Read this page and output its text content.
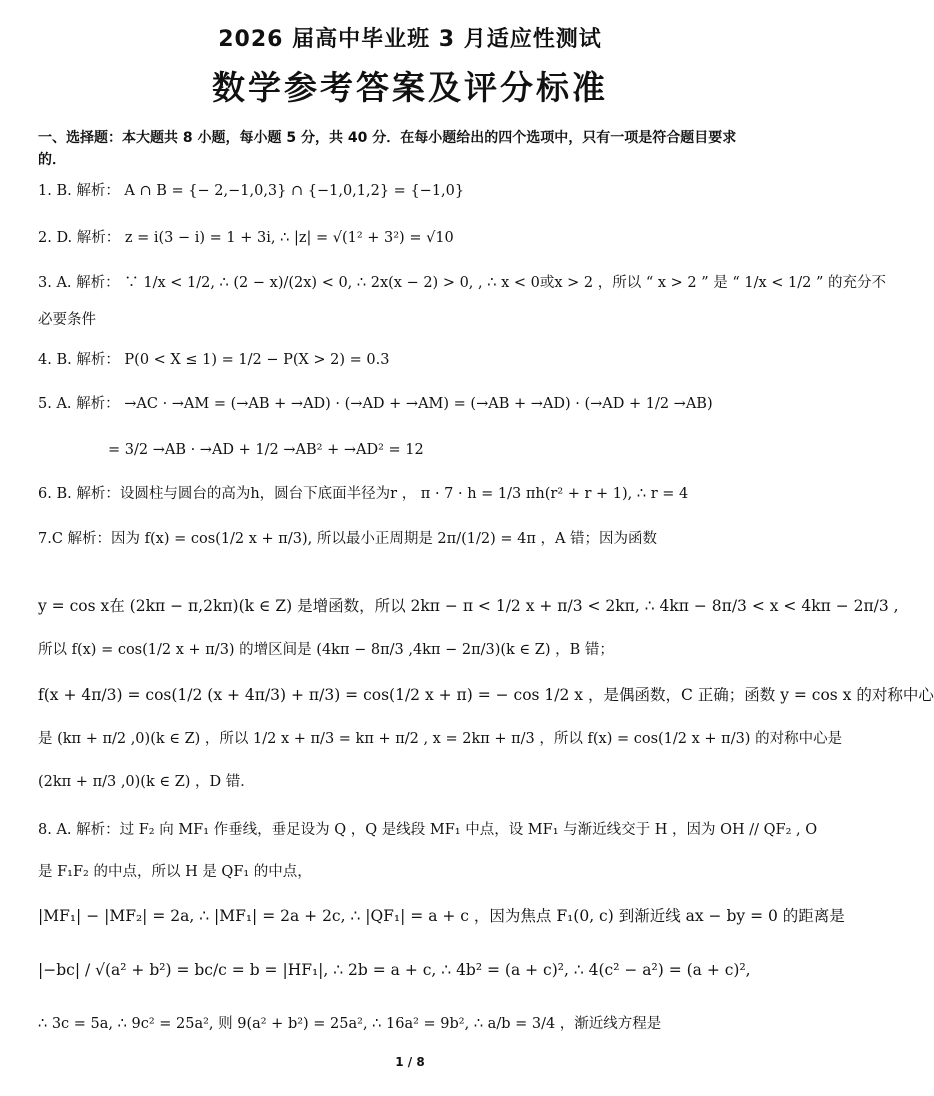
2026 届高中毕业班 3 月适应性测试
数学参考答案及评分标准
一、选择题：本大题共 8 小题，每小题 5 分，共 40 分．在每小题给出的四个选项中，只有一项是符合题目要求
的．
1. B. 解析： A ∩ B = {− 2,−1,0,3} ∩ {−1,0,1,2} = {−1,0}
2. D. 解析： z = i(3 − i) = 1 + 3i, ∴ |z| = √(1² + 3²) = √10
3. A. 解析： ∵ 1/x < 1/2, ∴ (2 − x)/(2x) < 0, ∴ 2x(x − 2) > 0, , ∴ x < 0或x > 2 ，所以 “ x > 2 ” 是 “ 1/x < 1/2 ” 的充分不
必要条件
4. B. 解析： P(0 < X ≤ 1) = 1/2 − P(X > 2) = 0.3
5. A. 解析： →AC · →AM = (→AB + →AD) · (→AD + →AM) = (→AB + →AD) · (→AD + 1/2 →AB)
= 3/2 →AB · →AD + 1/2 →AB² + →AD² = 12
6. B. 解析：设圆柱与圆台的高为h，圆台下底面半径为r ， π · 7 · h = 1/3 πh(r² + r + 1), ∴ r = 4
7.C 解析：因为 f(x) = cos(1/2 x + π/3), 所以最小正周期是 2π/(1/2) = 4π ，A 错；因为函数
y = cos x在 (2kπ − π,2kπ)(k ∈ Z) 是增函数，所以 2kπ − π < 1/2 x + π/3 < 2kπ, ∴ 4kπ − 8π/3 < x < 4kπ − 2π/3 ,
所以 f(x) = cos(1/2 x + π/3) 的增区间是 (4kπ − 8π/3 ,4kπ − 2π/3)(k ∈ Z) ，B 错；
f(x + 4π/3) = cos(1/2 (x + 4π/3) + π/3) = cos(1/2 x + π) = − cos 1/2 x ，是偶函数，C 正确；函数 y = cos x 的对称中心
是 (kπ + π/2 ,0)(k ∈ Z) ，所以 1/2 x + π/3 = kπ + π/2 , x = 2kπ + π/3 ，所以 f(x) = cos(1/2 x + π/3) 的对称中心是
(2kπ + π/3 ,0)(k ∈ Z) ，D 错．
8. A. 解析：过 F₂ 向 MF₁ 作垂线，垂足设为 Q ，Q 是线段 MF₁ 中点，设 MF₁ 与渐近线交于 H ，因为 OH // QF₂ , O
是 F₁F₂ 的中点，所以 H 是 QF₁ 的中点，
|MF₁| − |MF₂| = 2a, ∴ |MF₁| = 2a + 2c, ∴ |QF₁| = a + c ，因为焦点 F₁(0, c) 到渐近线 ax − by = 0 的距离是
|−bc| / √(a² + b²) = bc/c = b = |HF₁|, ∴ 2b = a + c, ∴ 4b² = (a + c)², ∴ 4(c² − a²) = (a + c)²,
∴ 3c = 5a, ∴ 9c² = 25a², 则 9(a² + b²) = 25a², ∴ 16a² = 9b², ∴ a/b = 3/4 ，渐近线方程是
1 / 8
